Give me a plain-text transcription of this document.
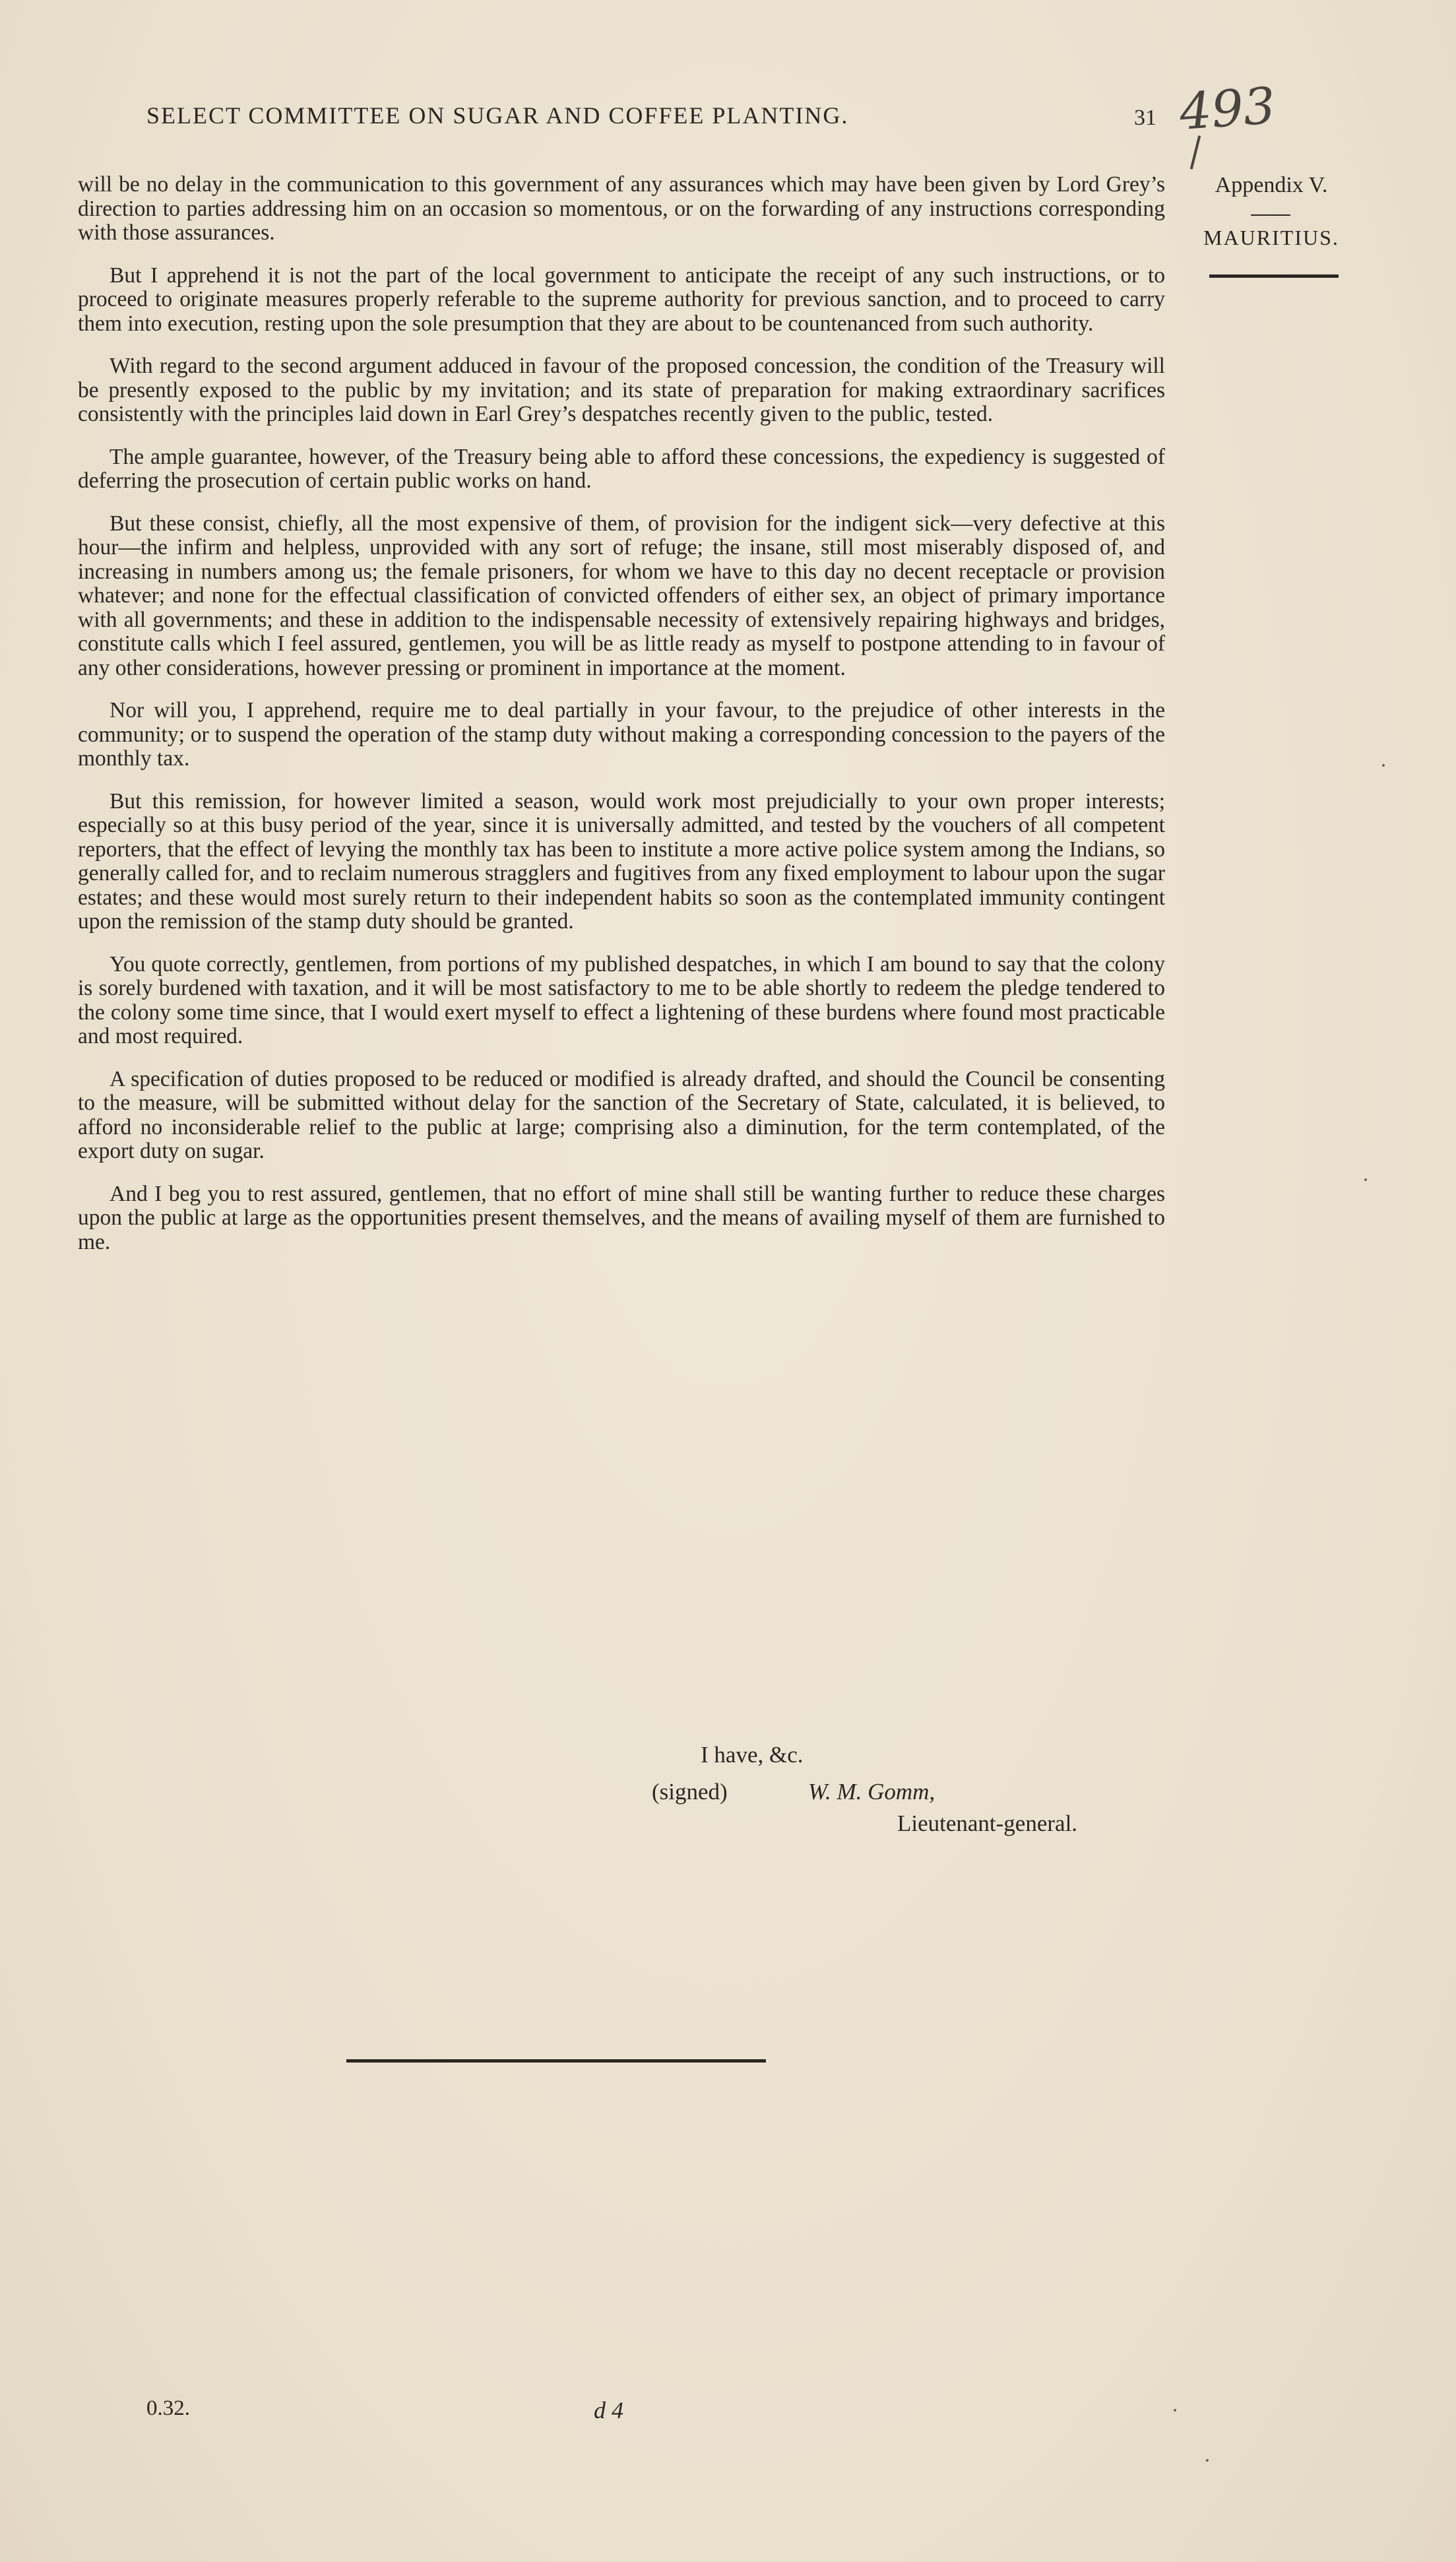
SELECT COMMITTEE ON SUGAR AND COFFEE PLANTING.	31 493
Appendix V.
MAURITIUS.

will be no delay in the communication to this government of any assurances which may have been given by Lord Grey’s direction to parties addressing him on an occasion so momentous, or on the forwarding of any instructions corresponding with those assurances.

But I apprehend it is not the part of the local government to anticipate the receipt of any such instructions, or to proceed to originate measures properly referable to the supreme authority for previous sanction, and to proceed to carry them into execution, resting upon the sole presumption that they are about to be countenanced from such authority.

With regard to the second argument adduced in favour of the proposed concession, the condition of the Treasury will be presently exposed to the public by my invitation; and its state of preparation for making extraordinary sacrifices consistently with the principles laid down in Earl Grey’s despatches recently given to the public, tested.

The ample guarantee, however, of the Treasury being able to afford these concessions, the expediency is suggested of deferring the prosecution of certain public works on hand.

But these consist, chiefly, all the most expensive of them, of provision for the indigent sick—very defective at this hour—the infirm and helpless, unprovided with any sort of refuge; the insane, still most miserably disposed of, and increasing in numbers among us; the female prisoners, for whom we have to this day no decent receptacle or provision whatever; and none for the effectual classification of convicted offenders of either sex, an object of primary importance with all governments; and these in addition to the indispensable necessity of extensively repairing highways and bridges, constitute calls which I feel assured, gentlemen, you will be as little ready as myself to postpone attending to in favour of any other considerations, however pressing or prominent in importance at the moment.

Nor will you, I apprehend, require me to deal partially in your favour, to the prejudice of other interests in the community; or to suspend the operation of the stamp duty without making a corresponding concession to the payers of the monthly tax.

But this remission, for however limited a season, would work most prejudicially to your own proper interests; especially so at this busy period of the year, since it is universally admitted, and tested by the vouchers of all competent reporters, that the effect of levying the monthly tax has been to institute a more active police system among the Indians, so generally called for, and to reclaim numerous stragglers and fugitives from any fixed employment to labour upon the sugar estates; and these would most surely return to their independent habits so soon as the contemplated immunity contingent upon the remission of the stamp duty should be granted.

You quote correctly, gentlemen, from portions of my published despatches, in which I am bound to say that the colony is sorely burdened with taxation, and it will be most satisfactory to me to be able shortly to redeem the pledge tendered to the colony some time since, that I would exert myself to effect a lightening of these burdens where found most practicable and most required.

A specification of duties proposed to be reduced or modified is already drafted, and should the Council be consenting to the measure, will be submitted without delay for the sanction of the Secretary of State, calculated, it is believed, to afford no inconsiderable relief to the public at large; comprising also a diminution, for the term contemplated, of the export duty on sugar.

And I beg you to rest assured, gentlemen, that no effort of mine shall still be wanting further to reduce these charges upon the public at large as the opportunities present themselves, and the means of availing myself of them are furnished to me.

I have, &c.
(signed)	W. M. Gomm,
Lieutenant-general.
0.32.	d 4
